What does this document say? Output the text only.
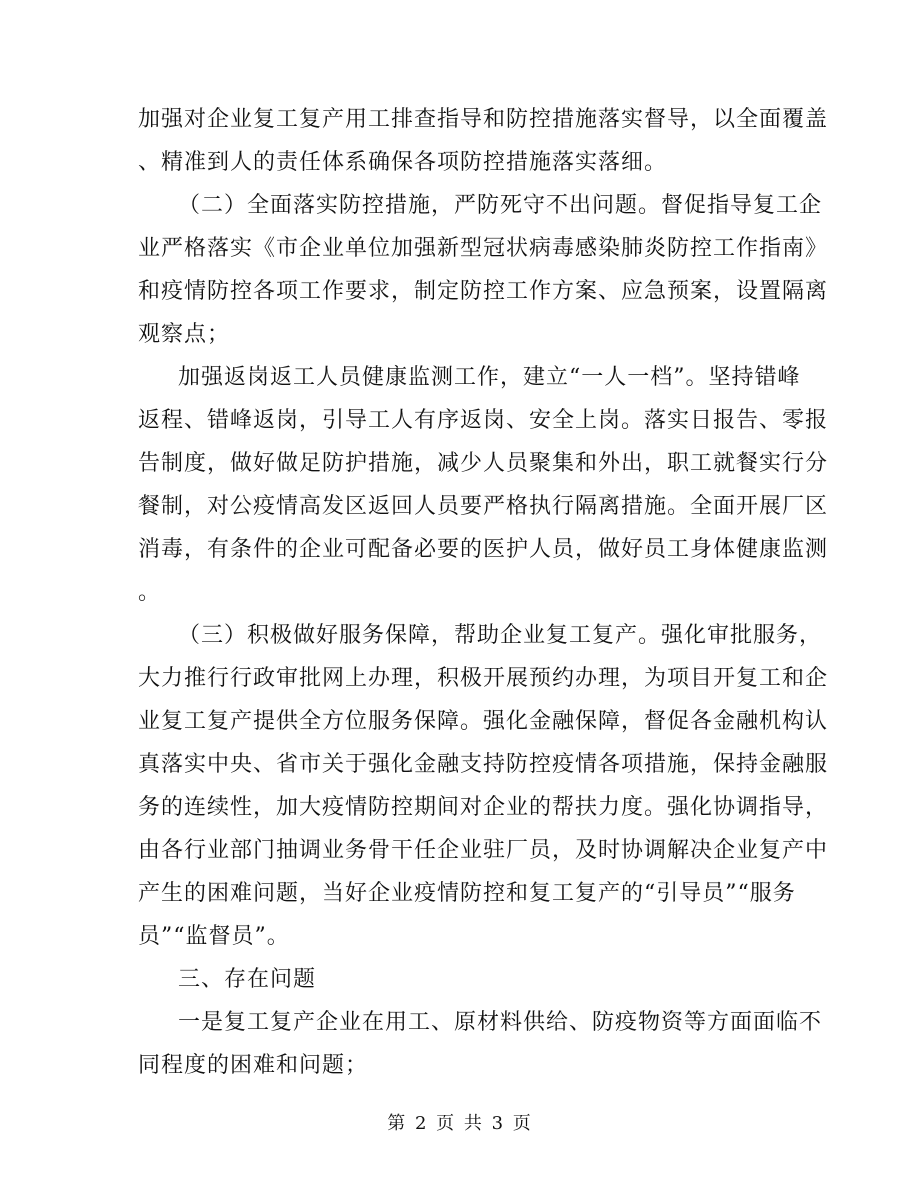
加强对企业复工复产用工排查指导和防控措施落实督导，以全面覆盖
、精准到人的责任体系确保各项防控措施落实落细。
（二）全面落实防控措施，严防死守不出问题。督促指导复工企
业严格落实《市企业单位加强新型冠状病毒感染肺炎防控工作指南》
和疫情防控各项工作要求，制定防控工作方案、应急预案，设置隔离
观察点；
加强返岗返工人员健康监测工作，建立“一人一档”。坚持错峰
返程、错峰返岗，引导工人有序返岗、安全上岗。落实日报告、零报
告制度，做好做足防护措施，减少人员聚集和外出，职工就餐实行分
餐制，对公疫情高发区返回人员要严格执行隔离措施。全面开展厂区
消毒，有条件的企业可配备必要的医护人员，做好员工身体健康监测
。
（三）积极做好服务保障，帮助企业复工复产。强化审批服务，
大力推行行政审批网上办理，积极开展预约办理，为项目开复工和企
业复工复产提供全方位服务保障。强化金融保障，督促各金融机构认
真落实中央、省市关于强化金融支持防控疫情各项措施，保持金融服
务的连续性，加大疫情防控期间对企业的帮扶力度。强化协调指导，
由各行业部门抽调业务骨干任企业驻厂员，及时协调解决企业复产中
产生的困难问题，当好企业疫情防控和复工复产的“引导员”“服务
员”“监督员”。
三、存在问题
一是复工复产企业在用工、原材料供给、防疫物资等方面面临不
同程度的困难和问题；
第 2 页 共 3 页
